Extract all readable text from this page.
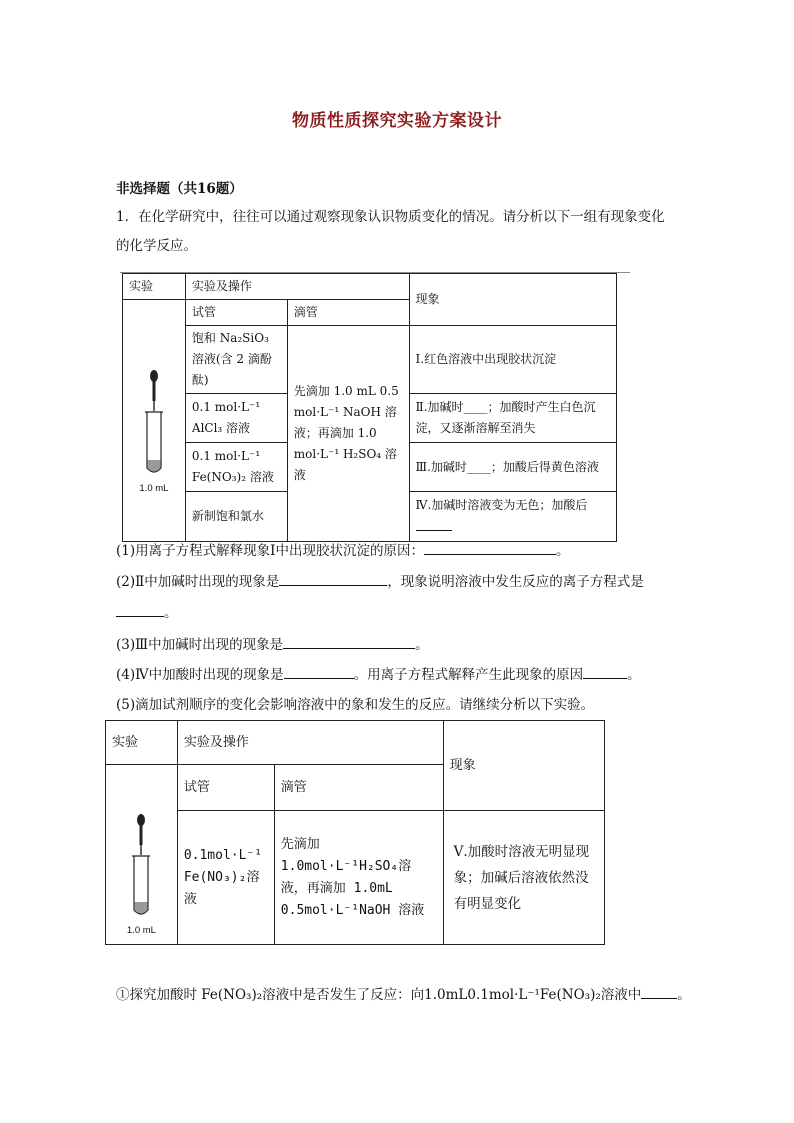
物质性质探究实验方案设计
非选择题（共16题）
1．在化学研究中，往往可以通过观察现象认识物质变化的情况。请分析以下一组有现象变化
的化学反应。
实验	实验及操作		现象
	试管	滴管	

1.0 mL	饱和 Na₂SiO₃ 溶液(含 2 滴酚酞)	先滴加 1.0 mL 0.5 mol·L⁻¹ NaOH 溶液；再滴加 1.0 mol·L⁻¹ H₂SO₄ 溶液	Ⅰ.红色溶液中出现胶状沉淀
	0.1 mol·L⁻¹ AlCl₃ 溶液		Ⅱ.加碱时____；加酸时产生白色沉淀，又逐渐溶解至消失
	0.1 mol·L⁻¹ Fe(NO₃)₂ 溶液		Ⅲ.加碱时____；加酸后得黄色溶液
	新制饱和氯水		Ⅳ.加碱时溶液变为无色；加酸后

(1)用离子方程式解释现象Ⅰ中出现胶状沉淀的原因：	。
(2)Ⅱ中加碱时出现的现象是	，现象说明溶液中发生反应的离子方程式是
。
(3)Ⅲ中加碱时出现的现象是	。
(4)Ⅳ中加酸时出现的现象是	。用离子方程式解释产生此现象的原因	。
(5)滴加试剂顺序的变化会影响溶液中的象和发生的反应。请继续分析以下实验。
实验	实验及操作		现象
	试管	滴管	

1.0 mL	0.1mol·L⁻¹ Fe(NO₃)₂溶液	先滴加 1.0mol·L⁻¹H₂SO₄溶液，再滴加 1.0mL 0.5mol·L⁻¹NaOH 溶液	Ⅴ.加酸时溶液无明显现象；加碱后溶液依然没有明显变化
①探究加酸时 Fe(NO₃)₂溶液中是否发生了反应：向1.0mL0.1mol·L⁻¹Fe(NO₃)₂溶液中	。
